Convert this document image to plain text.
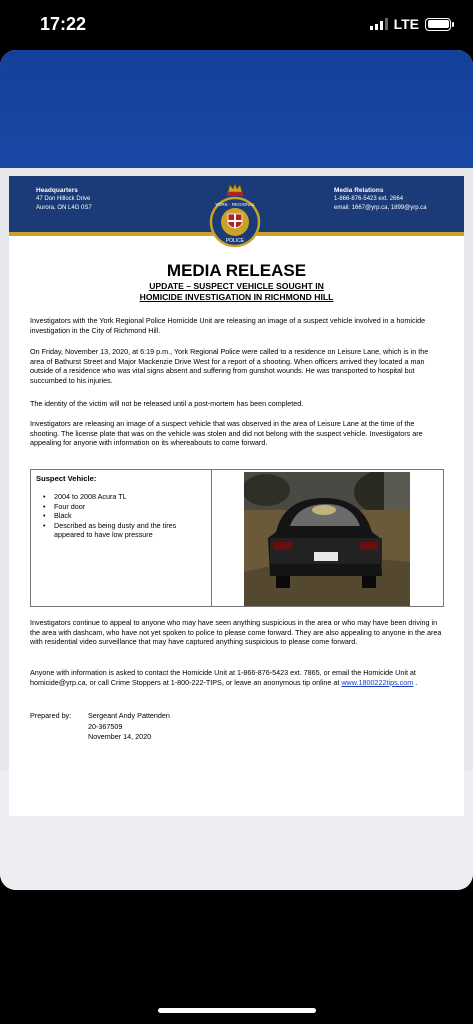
17:22	LTE
Headquarters
47 Don Hillock Drive
Aurora, ON L4G 0S7
Media Relations
1-866-876-5423 ext. 2664
email: 1667@yrp.ca, 1899@yrp.ca
YORK · REGIONAL
POLICE
MEDIA RELEASE
UPDATE – SUSPECT VEHICLE SOUGHT IN
HOMICIDE INVESTIGATION IN RICHMOND HILL

Investigators with the York Regional Police Homicide Unit are releasing an image of a suspect vehicle involved in a homicide investigation in the City of Richmond Hill.

On Friday, November 13, 2020, at 6:19 p.m., York Regional Police were called to a residence on Leisure Lane, which is in the area of Bathurst Street and Major Mackenzie Drive West for a report of a shooting. When officers arrived they located a man outside of a residence who was vital signs absent and suffering from gunshot wounds. He was transported to hospital but succumbed to his injuries.

The identity of the victim will not be released until a post-mortem has been completed.

Investigators are releasing an image of a suspect vehicle that was observed in the area of Leisure Lane at the time of the shooting. The license plate that was on the vehicle was stolen and did not belong with the suspect vehicle. Investigators are appealing for anyone with information on its whereabouts to come forward.

Suspect Vehicle:
• 2004 to 2008 Acura TL
• Four door
• Black
• Described as being dusty and the tires appeared to have low pressure

Investigators continue to appeal to anyone who may have seen anything suspicious in the area or who may have been driving in the area with dashcam, who have not yet spoken to police to please come forward. They are also appealing to anyone in the area with residential video surveillance that may have captured anything suspicious to please come forward.

Anyone with information is asked to contact the Homicide Unit at 1-866-876-5423 ext. 7865, or email the Homicide Unit at homicide@yrp.ca, or call Crime Stoppers at 1-800-222-TIPS, or leave an anonymous tip online at www.1800222tips.com .

Prepared by:	Sergeant Andy Pattenden
20-367509
November 14, 2020
